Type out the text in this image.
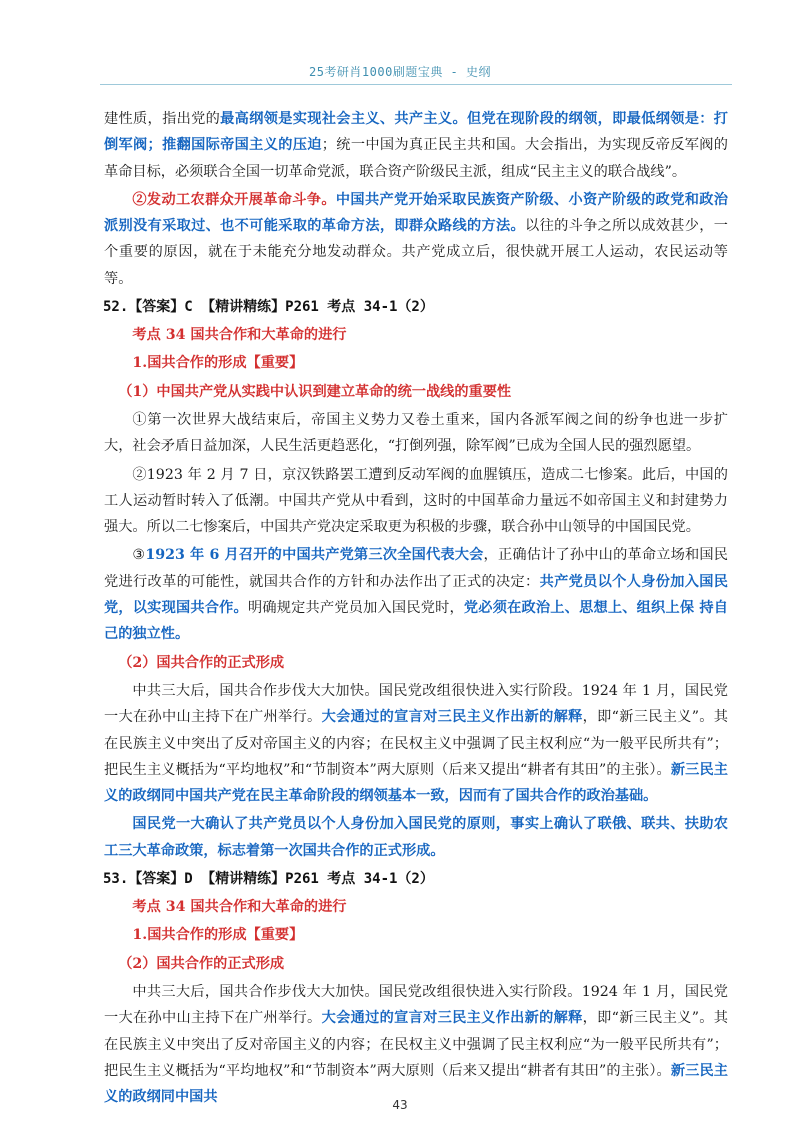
25考研肖1000刷题宝典 - 史纲

建性质，指出党的最高纲领是实现社会主义、共产主义。但党在现阶段的纲领，即最低纲领是：打倒军阀；推翻国际帝国主义的压迫；统一中国为真正民主共和国。大会指出，为实现反帝反军阀的革命目标，必须联合全国一切革命党派，联合资产阶级民主派，组成“民主主义的联合战线”。

②发动工农群众开展革命斗争。中国共产党开始采取民族资产阶级、小资产阶级的政党和政治派别没有采取过、也不可能采取的革命方法，即群众路线的方法。以往的斗争之所以成效甚少，一个重要的原因，就在于未能充分地发动群众。共产党成立后，很快就开展工人运动，农民运动等等。

52.【答案】C 【精讲精练】P261 考点 34-1（2）
考点 34 国共合作和大革命的进行
1.国共合作的形成【重要】
（1）中国共产党从实践中认识到建立革命的统一战线的重要性

①第一次世界大战结束后，帝国主义势力又卷土重来，国内各派军阀之间的纷争也进一步扩大，社会矛盾日益加深，人民生活更趋恶化，“打倒列强，除军阀”已成为全国人民的强烈愿望。

②1923 年 2 月 7 日，京汉铁路罢工遭到反动军阀的血腥镇压，造成二七惨案。此后，中国的工人运动暂时转入了低潮。中国共产党从中看到，这时的中国革命力量远不如帝国主义和封建势力强大。所以二七惨案后，中国共产党决定采取更为积极的步骤，联合孙中山领导的中国国民党。

③1923 年 6 月召开的中国共产党第三次全国代表大会，正确估计了孙中山的革命立场和国民党进行改革的可能性，就国共合作的方针和办法作出了正式的决定：共产党员以个人身份加入国民党，以实现国共合作。明确规定共产党员加入国民党时，党必须在政治上、思想上、组织上保 持自己的独立性。

（2）国共合作的正式形成

中共三大后，国共合作步伐大大加快。国民党改组很快进入实行阶段。1924 年 1 月，国民党一大在孙中山主持下在广州举行。大会通过的宣言对三民主义作出新的解释，即“新三民主义”。其在民族主义中突出了反对帝国主义的内容；在民权主义中强调了民主权利应“为一般平民所共有”；把民生主义概括为“平均地权”和“节制资本”两大原则（后来又提出“耕者有其田”的主张）。新三民主义的政纲同中国共产党在民主革命阶段的纲领基本一致，因而有了国共合作的政治基础。

国民党一大确认了共产党员以个人身份加入国民党的原则，事实上确认了联俄、联共、扶助农工三大革命政策，标志着第一次国共合作的正式形成。

53.【答案】D 【精讲精练】P261 考点 34-1（2）
考点 34 国共合作和大革命的进行
1.国共合作的形成【重要】
（2）国共合作的正式形成

中共三大后，国共合作步伐大大加快。国民党改组很快进入实行阶段。1924 年 1 月，国民党一大在孙中山主持下在广州举行。大会通过的宣言对三民主义作出新的解释，即“新三民主义”。其在民族主义中突出了反对帝国主义的内容；在民权主义中强调了民主权利应“为一般平民所共有”；把民生主义概括为“平均地权”和“节制资本”两大原则（后来又提出“耕者有其田”的主张）。新三民主义的政纲同中国共	43
